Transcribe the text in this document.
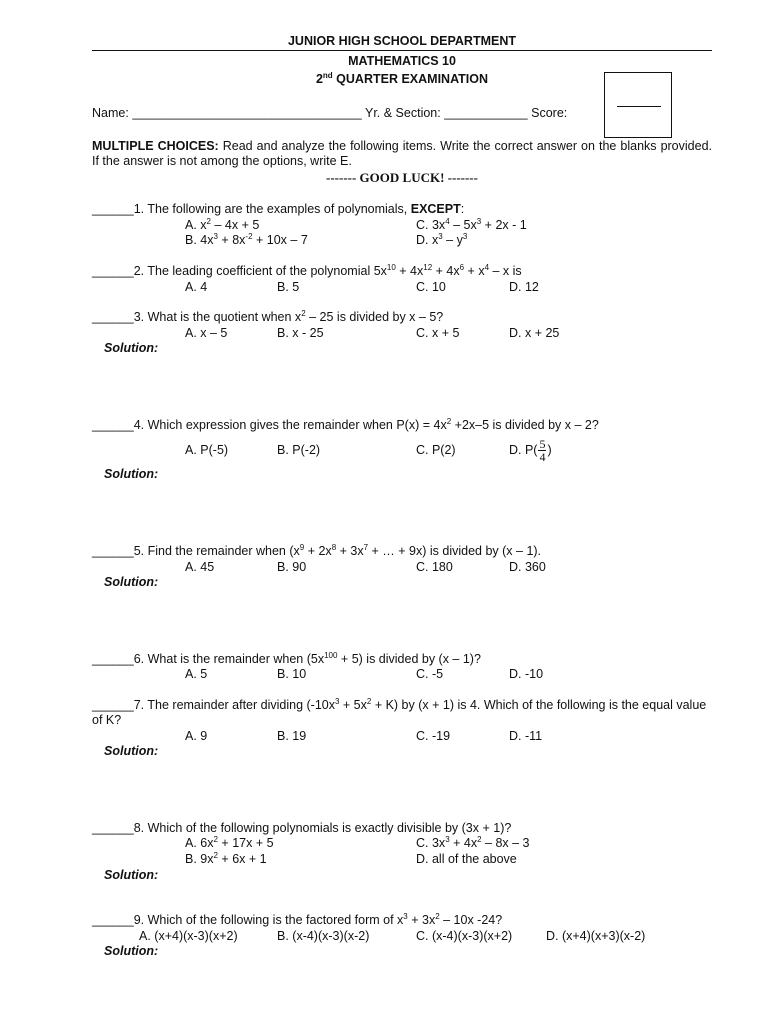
JUNIOR HIGH SCHOOL DEPARTMENT
MATHEMATICS 10
2nd QUARTER EXAMINATION
Name: _________________________________ Yr. & Section: ____________ Score:
MULTIPLE CHOICES: Read and analyze the following items. Write the correct answer on the blanks provided. If the answer is not among the options, write E.
------- GOOD LUCK! -------
______1. The following are the examples of polynomials, EXCEPT:
A. $x^2 - 4x + 5$	C. $3x^4 - 5x^3 + 2x - 1$
B. $4x^3 + 8x^{-2} + 10x - 7$	D. $x^3 - y^3$
______2. The leading coefficient of the polynomial $5x^{10} + 4x^{12} + 4x^6 + x^4 - x$ is
A. 4	B. 5	C. 10	D. 12
______3. What is the quotient when $x^2 - 25$ is divided by x – 5?
A. x – 5	B. x - 25	C. x + 5	D. x + 25
Solution:
______4. Which expression gives the remainder when $P(x) = 4x^2 +2x-5$ is divided by x – 2?
A. P(-5)	B. P(-2)	C. P(2)	D. $P( \frac{5}{4}$ )
Solution:
______5. Find the remainder when ($x^9 + 2x^8 + 3x^7$ + … + 9x) is divided by (x – 1).
A. 45	B. 90	C. 180	D. 360
Solution:
______6. What is the remainder when $(5x^{100} + 5)$ is divided by (x – 1)?
A. 5	B. 10	C. -5	D. -10
______7. The remainder after dividing $(-10x^3 + 5x^2 + K)$ by (x + 1) is 4. Which of the following is the equal value of K?
A. 9	B. 19	C. -19	D. -11
Solution:
______8. Which of the following polynomials is exactly divisible by (3x + 1)?
A. $6x^2 + 17x + 5$	C. $3x^3 + 4x^2 - 8x - 3$
B. $9x^2 + 6x + 1$	D. all of the above
Solution:
______9. Which of the following is the factored form of $x^3 + 3x^2 - 10x$ -24?
A. (x+4)(x-3)(x+2)	B. (x-4)(x-3)(x-2)	C. (x-4)(x-3)(x+2)	D. (x+4)(x+3)(x-2)
Solution:
